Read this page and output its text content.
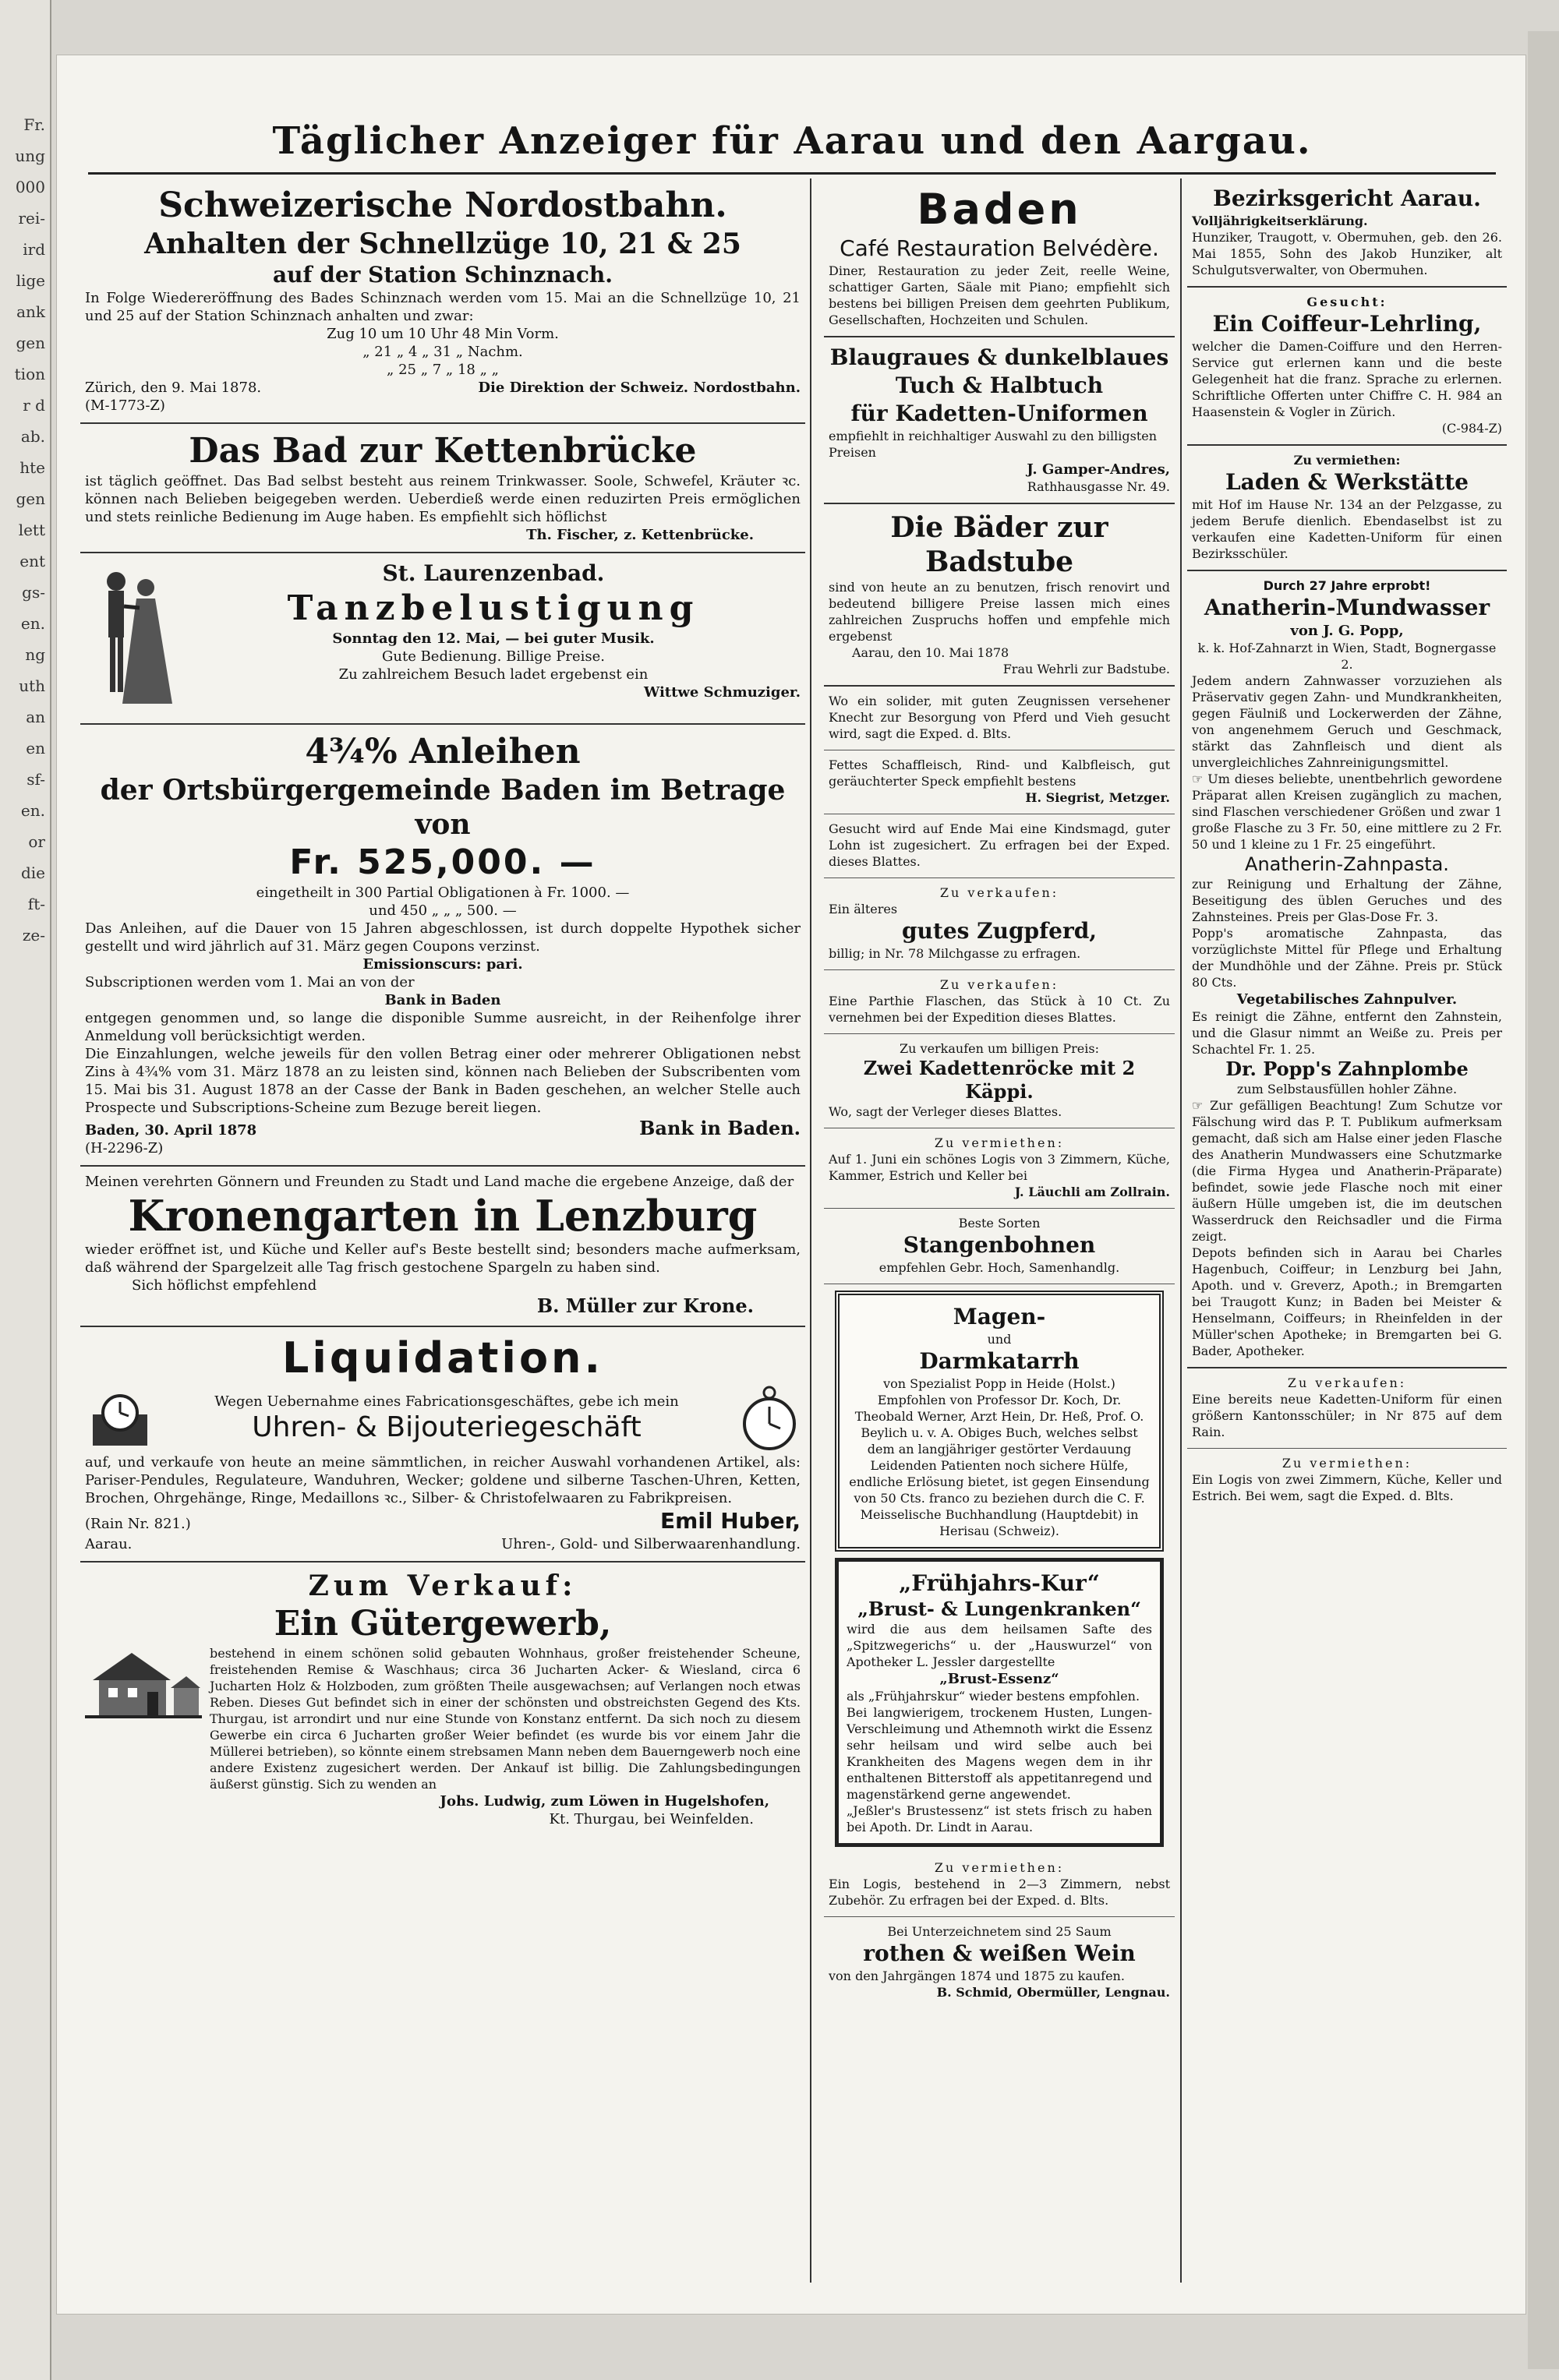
Fr.
ung
000
rei-
ird
lige
ank
gen
tion
r d
ab.
hte
gen
lett
ent
gs-
en.
ng
uth
an
en
sf-
en.
or
die
ft-
ze-
Täglicher Anzeiger für Aarau und den Aargau.
Schweizerische Nordostbahn.
Anhalten der Schnellzüge 10, 21 & 25
auf der Station Schinznach.

In Folge Wiedereröffnung des Bades Schinznach werden vom 15. Mai an die Schnellzüge 10, 21 und 25 auf der Station Schinznach anhalten und zwar:

Zug 10 um 10 Uhr 48 Min Vorm.
„ 21 „ 4 „ 31 „ Nachm.
„ 25 „ 7 „ 18 „ „
Zürich, den 9. Mai 1878.
(M-1773-Z)
Die Direktion der Schweiz. Nordostbahn.
Das Bad zur Kettenbrücke

ist täglich geöffnet. Das Bad selbst besteht aus reinem Trinkwasser. Soole, Schwefel, Kräuter ꝛc. können nach Belieben beigegeben werden. Ueberdieß werde einen reduzirten Preis ermöglichen und stets reinliche Bedienung im Auge haben. Es empfiehlt sich höflichst

Th. Fischer, z. Kettenbrücke.
St. Laurenzenbad.
Tanzbelustigung
Sonntag den 12. Mai, — bei guter Musik.
Gute Bedienung. Billige Preise.
Zu zahlreichem Besuch ladet ergebenst ein
Wittwe Schmuziger.
4¾% Anleihen
der Ortsbürgergemeinde Baden im Betrage von
Fr. 525,000. —
eingetheilt in 300 Partial Obligationen à Fr. 1000. —
und 450 „ „ „ 500. —

Das Anleihen, auf die Dauer von 15 Jahren abgeschlossen, ist durch doppelte Hypothek sicher gestellt und wird jährlich auf 31. März gegen Coupons verzinst.

Emissionscurs: pari.

Subscriptionen werden vom 1. Mai an von der

Bank in Baden

entgegen genommen und, so lange die disponible Summe ausreicht, in der Reihenfolge ihrer Anmeldung voll berücksichtigt werden.

Die Einzahlungen, welche jeweils für den vollen Betrag einer oder mehrerer Obligationen nebst Zins à 4¾% vom 31. März 1878 an zu leisten sind, können nach Belieben der Subscribenten vom 15. Mai bis 31. August 1878 an der Casse der Bank in Baden geschehen, an welcher Stelle auch Prospecte und Subscriptions-Scheine zum Bezuge bereit liegen.

Baden, 30. April 1878
(H-2296-Z)
Bank in Baden.

Meinen verehrten Gönnern und Freunden zu Stadt und Land mache die ergebene Anzeige, daß der

Kronengarten in Lenzburg

wieder eröffnet ist, und Küche und Keller auf's Beste bestellt sind; besonders mache aufmerksam, daß während der Spargelzeit alle Tag frisch gestochene Spargeln zu haben sind.

Sich höflichst empfehlend
B. Müller zur Krone.
Liquidation.
Wegen Uebernahme eines Fabricationsgeschäftes, gebe ich mein
Uhren- & Bijouteriegeschäft

auf, und verkaufe von heute an meine sämmtlichen, in reicher Auswahl vorhandenen Artikel, als: Pariser-Pendules, Regulateure, Wanduhren, Wecker; goldene und silberne Taschen-Uhren, Ketten, Brochen, Ohrgehänge, Ringe, Medaillons ꝛc., Silber- & Christofelwaaren zu Fabrikpreisen.

(Rain Nr. 821.)	Emil Huber,
Aarau.	Uhren-, Gold- und Silberwaarenhandlung.
Zum Verkauf:
Ein Gütergewerb,

bestehend in einem schönen solid gebauten Wohnhaus, großer freistehender Scheune, freistehenden Remise & Waschhaus; circa 36 Jucharten Acker- & Wiesland, circa 6 Jucharten Holz & Holzboden, zum größten Theile ausgewachsen; auf Verlangen noch etwas Reben. Dieses Gut befindet sich in einer der schönsten und obstreichsten Gegend des Kts. Thurgau, ist arrondirt und nur eine Stunde von Konstanz entfernt. Da sich noch zu diesem Gewerbe ein circa 6 Jucharten großer Weier befindet (es wurde bis vor einem Jahr die Müllerei betrieben), so könnte einem strebsamen Mann neben dem Bauerngewerb noch eine andere Existenz zugesichert werden. Der Ankauf ist billig. Die Zahlungsbedingungen äußerst günstig. Sich zu wenden an

Johs. Ludwig, zum Löwen in Hugelshofen,
Kt. Thurgau, bei Weinfelden.
Baden
Café Restauration Belvédère.

Diner, Restauration zu jeder Zeit, reelle Weine, schattiger Garten, Säale mit Piano; empfiehlt sich bestens bei billigen Preisen dem geehrten Publikum, Gesellschaften, Hochzeiten und Schulen.

Blaugraues & dunkelblaues Tuch & Halbtuch
für Kadetten-Uniformen

empfiehlt in reichhaltiger Auswahl zu den billigsten Preisen

J. Gamper-Andres,
Rathhausgasse Nr. 49.
Die Bäder zur Badstube

sind von heute an zu benutzen, frisch renovirt und bedeutend billigere Preise lassen mich eines zahlreichen Zuspruchs hoffen und empfehle mich ergebenst

Aarau, den 10. Mai 1878
Frau Wehrli zur Badstube.

Wo ein solider, mit guten Zeugnissen versehener Knecht zur Besorgung von Pferd und Vieh gesucht wird, sagt die Exped. d. Blts.

Fettes Schaffleisch, Rind- und Kalbfleisch, gut geräuchterter Speck empfiehlt bestens

H. Siegrist, Metzger.

Gesucht wird auf Ende Mai eine Kindsmagd, guter Lohn ist zugesichert. Zu erfragen bei der Exped. dieses Blattes.

Zu verkaufen:
Ein älteres
gutes Zugpferd,

billig; in Nr. 78 Milchgasse zu erfragen.

Zu verkaufen:

Eine Parthie Flaschen, das Stück à 10 Ct. Zu vernehmen bei der Expedition dieses Blattes.

Zu verkaufen um billigen Preis:
Zwei Kadettenröcke mit 2 Käppi.

Wo, sagt der Verleger dieses Blattes.

Zu vermiethen:

Auf 1. Juni ein schönes Logis von 3 Zimmern, Küche, Kammer, Estrich und Keller bei

J. Läuchli am Zollrain.
Beste Sorten
Stangenbohnen

empfehlen Gebr. Hoch, Samenhandlg.

Magen-
und
Darmkatarrh

von Spezialist Popp in Heide (Holst.) Empfohlen von Professor Dr. Koch, Dr. Theobald Werner, Arzt Hein, Dr. Heß, Prof. O. Beylich u. v. A. Obiges Buch, welches selbst dem an langjähriger gestörter Verdauung Leidenden Patienten noch sichere Hülfe, endliche Erlösung bietet, ist gegen Einsendung von 50 Cts. franco zu beziehen durch die C. F. Meisselische Buchhandlung (Hauptdebit) in Herisau (Schweiz).

„Frühjahrs-Kur“
„Brust- & Lungenkranken“

wird die aus dem heilsamen Safte des „Spitzwegerichs“ u. der „Hauswurzel“ von Apotheker L. Jessler dargestellte

„Brust-Essenz“

als „Frühjahrskur“ wieder bestens empfohlen.

Bei langwierigem, trockenem Husten, Lungen-Verschleimung und Athemnoth wirkt die Essenz sehr heilsam und wird selbe auch bei Krankheiten des Magens wegen dem in ihr enthaltenen Bitterstoff als appetitanregend und magenstärkend gerne angewendet.

„Jeßler's Brustessenz“ ist stets frisch zu haben bei Apoth. Dr. Lindt in Aarau.

Zu vermiethen:

Ein Logis, bestehend in 2—3 Zimmern, nebst Zubehör. Zu erfragen bei der Exped. d. Blts.

Bei Unterzeichnetem sind 25 Saum
rothen & weißen Wein

von den Jahrgängen 1874 und 1875 zu kaufen.

B. Schmid, Obermüller, Lengnau.
Bezirksgericht Aarau.
Volljährigkeitserklärung.

Hunziker, Traugott, v. Obermuhen, geb. den 26. Mai 1855, Sohn des Jakob Hunziker, alt Schulgutsverwalter, von Obermuhen.

Gesucht:
Ein Coiffeur-Lehrling,

welcher die Damen-Coiffure und den Herren-Service gut erlernen kann und die beste Gelegenheit hat die franz. Sprache zu erlernen. Schriftliche Offerten unter Chiffre C. H. 984 an Haasenstein & Vogler in Zürich.

(C-984-Z)
Zu vermiethen:
Laden & Werkstätte

mit Hof im Hause Nr. 134 an der Pelzgasse, zu jedem Berufe dienlich. Ebendaselbst ist zu verkaufen eine Kadetten-Uniform für einen Bezirksschüler.

Durch 27 Jahre erprobt!
Anatherin-Mundwasser
von J. G. Popp,
k. k. Hof-Zahnarzt in Wien, Stadt, Bognergasse 2.

Jedem andern Zahnwasser vorzuziehen als Präservativ gegen Zahn- und Mundkrankheiten, gegen Fäulniß und Lockerwerden der Zähne, von angenehmem Geruch und Geschmack, stärkt das Zahnfleisch und dient als unvergleichliches Zahnreinigungsmittel.

☞ Um dieses beliebte, unentbehrlich gewordene Präparat allen Kreisen zugänglich zu machen, sind Flaschen verschiedener Größen und zwar 1 große Flasche zu 3 Fr. 50, eine mittlere zu 2 Fr. 50 und 1 kleine zu 1 Fr. 25 eingeführt.

Anatherin-Zahnpasta.

zur Reinigung und Erhaltung der Zähne, Beseitigung des üblen Geruches und des Zahnsteines. Preis per Glas-Dose Fr. 3.

Popp's aromatische Zahnpasta, das vorzüglichste Mittel für Pflege und Erhaltung der Mundhöhle und der Zähne. Preis pr. Stück 80 Cts.

Vegetabilisches Zahnpulver.

Es reinigt die Zähne, entfernt den Zahnstein, und die Glasur nimmt an Weiße zu. Preis per Schachtel Fr. 1. 25.

Dr. Popp's Zahnplombe

zum Selbstausfüllen hohler Zähne.

☞ Zur gefälligen Beachtung! Zum Schutze vor Fälschung wird das P. T. Publikum aufmerksam gemacht, daß sich am Halse einer jeden Flasche des Anatherin Mundwassers eine Schutzmarke (die Firma Hygea und Anatherin-Präparate) befindet, sowie jede Flasche noch mit einer äußern Hülle umgeben ist, die im deutschen Wasserdruck den Reichsadler und die Firma zeigt.

Depots befinden sich in Aarau bei Charles Hagenbuch, Coiffeur; in Lenzburg bei Jahn, Apoth. und v. Greverz, Apoth.; in Bremgarten bei Traugott Kunz; in Baden bei Meister & Henselmann, Coiffeurs; in Rheinfelden in der Müller'schen Apotheke; in Bremgarten bei G. Bader, Apotheker.

Zu verkaufen:

Eine bereits neue Kadetten-Uniform für einen größern Kantonsschüler; in Nr 875 auf dem Rain.

Zu vermiethen:

Ein Logis von zwei Zimmern, Küche, Keller und Estrich. Bei wem, sagt die Exped. d. Blts.
